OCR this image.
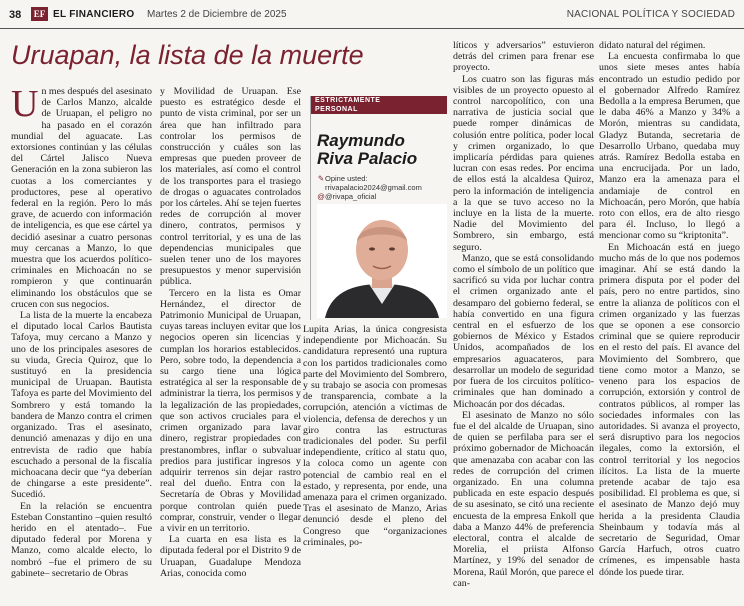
38	EF EL FINANCIERO Martes 2 de Diciembre de 2025	NACIONAL POLÍTICA Y SOCIEDAD
Uruapan, la lista de la muerte

Un mes después del asesinato de Carlos Manzo, alcalde de Uruapan, el peligro no ha pasado en el corazón mundial del aguacate. Las extorsiones continúan y las células del Cártel Jalisco Nueva Generación en la zona subieron las cuotas a los comerciantes y productores, pese al operativo federal en la región. Pero lo más grave, de acuerdo con información de inteligencia, es que ese cártel ya decidió asesinar a cuatro personas muy cercanas a Manzo, lo que muestra que los acuerdos político-criminales en Michoacán no se rompieron y que continuarán eliminando los obstáculos que se crucen con sus negocios.

La lista de la muerte la encabeza el diputado local Carlos Bautista Tafoya, muy cercano a Manzo y uno de los principales asesores de su viuda, Grecia Quiroz, que lo sustituyó en la presidencia municipal de Uruapan. Bautista Tafoya es parte del Movimiento del Sombrero y está tomando la bandera de Manzo contra el crimen organizado. Tras el asesinato, denunció amenazas y dijo en una entrevista de radio que había escuchado a personal de la fiscalía michoacana decir que “ya deberían de chingarse a este presidente”. Sucedió.

En la relación se encuentra Esteban Constantino –quien resultó herido en el atentado–. Fue diputado federal por Morena y Manzo, como alcalde electo, lo nombró –fue el primero de su gabinete– secretario de Obras

y Movilidad de Uruapan. Ese puesto es estratégico desde el punto de vista criminal, por ser un área que han infiltrado para controlar los permisos de construcción y cuáles son las empresas que pueden proveer de los materiales, así como el control de los transportes para el trasiego de drogas o aguacates controlados por los cárteles. Ahí se tejen fuertes redes de corrupción al mover dinero, contratos, permisos y control territorial, y es una de las dependencias municipales que suelen tener uno de los mayores presupuestos y menor supervisión pública.

Tercero en la lista es Omar Hernández, el director de Patrimonio Municipal de Uruapan, cuyas tareas incluyen evitar que los negocios operen sin licencias y cumplan los horarios establecidos. Pero, sobre todo, la dependencia a su cargo tiene una lógica estratégica al ser la responsable de administrar la tierra, los permisos y la legalización de las propiedades, que son activos cruciales para el crimen organizado para lavar dinero, registrar propiedades con prestanombres, inflar o subvaluar predios para justificar ingresos y adquirir terrenos sin dejar rastro real del dueño. Entra con la Secretaría de Obras y Movilidad porque controlan quién puede comprar, construir, vender o llegar a vivir en un territorio.

La cuarta en esa lista es la diputada federal por el Distrito 9 de Uruapan, Guadalupe Mendoza Arias, conocida como

ESTRICTAMENTE
PERSONAL
Raymundo
Riva Palacio
✎Opine usted:
rrivapalacio2024@gmail.com
@@rivapa_oficial

Lupita Arias, la única congresista independiente por Michoacán. Su candidatura representó una ruptura con los partidos tradicionales como parte del Movimiento del Sombrero, y su trabajo se asocia con promesas de transparencia, combate a la corrupción, atención a víctimas de violencia, defensa de derechos y un giro contra las estructuras tradicionales del poder. Su perfil independiente, crítico al statu quo, la coloca como un agente con potencial de cambio real en el estado, y representa, por ende, una amenaza para el crimen organizado. Tras el asesinato de Manzo, Arias denunció desde el pleno del Congreso que “organizaciones criminales, po-

líticos y adversarios” estuvieron detrás del crimen para frenar ese proyecto.

Los cuatro son las figuras más visibles de un proyecto opuesto al control narcopolítico, con una narrativa de justicia social que puede romper dinámicas de colusión entre política, poder local y crimen organizado, lo que implicaría pérdidas para quienes lucran con esas redes. Por encima de ellos está la alcaldesa Quiroz, pero la información de inteligencia a la que se tuvo acceso no la incluye en la lista de la muerte. Nadie del Movimiento del Sombrero, sin embargo, está seguro.

Manzo, que se está consolidando como el símbolo de un político que sacrificó su vida por luchar contra el crimen organizado ante el desamparo del gobierno federal, se había convertido en una figura central en el esfuerzo de los gobiernos de México y Estados Unidos, acompañados de los empresarios aguacateros, para desarrollar un modelo de seguridad por fuera de los circuitos político-criminales que han dominado a Michoacán por dos décadas.

El asesinato de Manzo no sólo fue el del alcalde de Uruapan, sino de quien se perfilaba para ser el próximo gobernador de Michoacán que amenazaba con acabar con las redes de corrupción del crimen organizado. En una columna publicada en este espacio después de su asesinato, se citó una reciente encuesta de la empresa Enkoll que daba a Manzo 44% de preferencia electoral, contra el alcalde de Morelia, el priista Alfonso Martínez, y 19% del senador de Morena, Raúl Morón, que parece el can-

didato natural del régimen.

La encuesta confirmaba lo que unos siete meses antes había encontrado un estudio pedido por el gobernador Alfredo Ramírez Bedolla a la empresa Berumen, que le daba 46% a Manzo y 34% a Morón, mientras su candidata, Gladyz Butanda, secretaria de Desarrollo Urbano, quedaba muy atrás. Ramírez Bedolla estaba en una encrucijada. Por un lado, Manzo era la amenaza para el andamiaje de control en Michoacán, pero Morón, que había roto con ellos, era de alto riesgo para él. Incluso, lo llegó a mencionar como su “kriptonita”.

En Michoacán está en juego mucho más de lo que nos podemos imaginar. Ahí se está dando la primera disputa por el poder del país, pero no entre partidos, sino entre la alianza de políticos con el crimen organizado y las fuerzas que se oponen a ese consorcio criminal que se quiere reproducir en el resto del país. El avance del Movimiento del Sombrero, que tiene como motor a Manzo, se veneno para los espacios de corrupción, extorsión y control de contratos públicos, al romper las sociedades informales con las autoridades. Si avanza el proyecto, será disruptivo para los negocios ilegales, como la extorsión, el control territorial y los negocios ilícitos. La lista de la muerte pretende acabar de tajo esa posibilidad. El problema es que, si el asesinato de Manzo dejó muy herida a la presidenta Claudia Sheinbaum y todavía más al secretario de Seguridad, Omar García Harfuch, otros cuatro crímenes, es impensable hasta dónde los puede tirar.
